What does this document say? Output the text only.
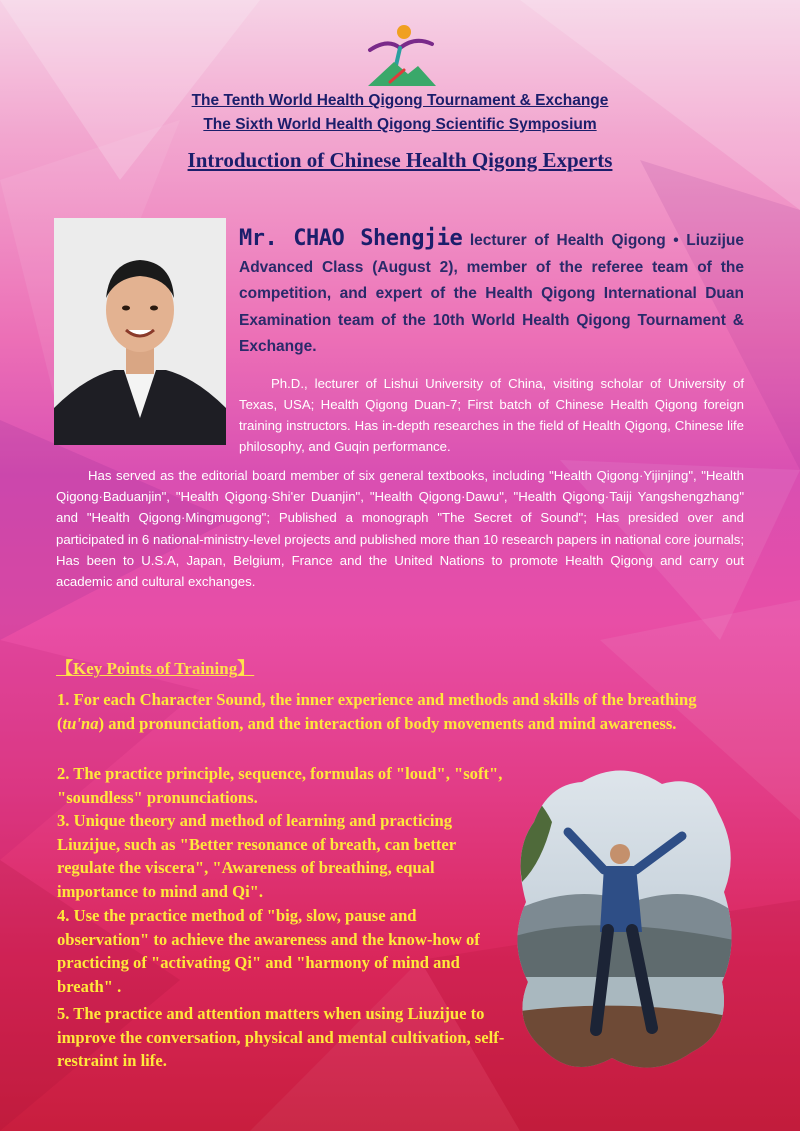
The Tenth World Health Qigong Tournament & Exchange
The Sixth World Health Qigong Scientific Symposium
Introduction of Chinese Health Qigong Experts
Mr. CHAO Shengjie lecturer of Health Qigong • Liuzijue Advanced Class (August 2), member of the referee team of the competition, and expert of the Health Qigong International Duan Examination team of the 10th World Health Qigong Tournament & Exchange.
Ph.D., lecturer of Lishui University of China, visiting scholar of University of Texas, USA; Health Qigong Duan-7; First batch of Chinese Health Qigong foreign training instructors. Has in-depth researches in the field of Health Qigong, Chinese life philosophy, and Guqin performance.
Has served as the editorial board member of six general textbooks, including "Health Qigong·Yijinjing", "Health Qigong·Baduanjin", "Health Qigong·Shi'er Duanjin", "Health Qigong·Dawu", "Health Qigong·Taiji Yangshengzhang" and "Health Qigong·Mingmugong"; Published a monograph "The Secret of Sound"; Has presided over and participated in 6 national-ministry-level projects and published more than 10 research papers in national core journals; Has been to U.S.A, Japan, Belgium, France and the United Nations to promote Health Qigong and carry out academic and cultural exchanges.
【Key Points of Training】

1. For each Character Sound, the inner experience and methods and skills of the breathing (tu'na) and pronunciation, and the interaction of body movements and mind awareness.

2. The practice principle, sequence, formulas of "loud", "soft", "soundless" pronunciations.
3. Unique theory and method of learning and practicing Liuzijue, such as "Better resonance of breath, can better regulate the viscera", "Awareness of breathing, equal importance to mind and Qi".
4. Use the practice method of "big, slow, pause and observation" to achieve the awareness and the know-how of practicing of "activating Qi" and "harmony of mind and breath" .
5. The practice and attention matters when using Liuzijue to improve the conversation, physical and mental cultivation, self-restraint in life.
